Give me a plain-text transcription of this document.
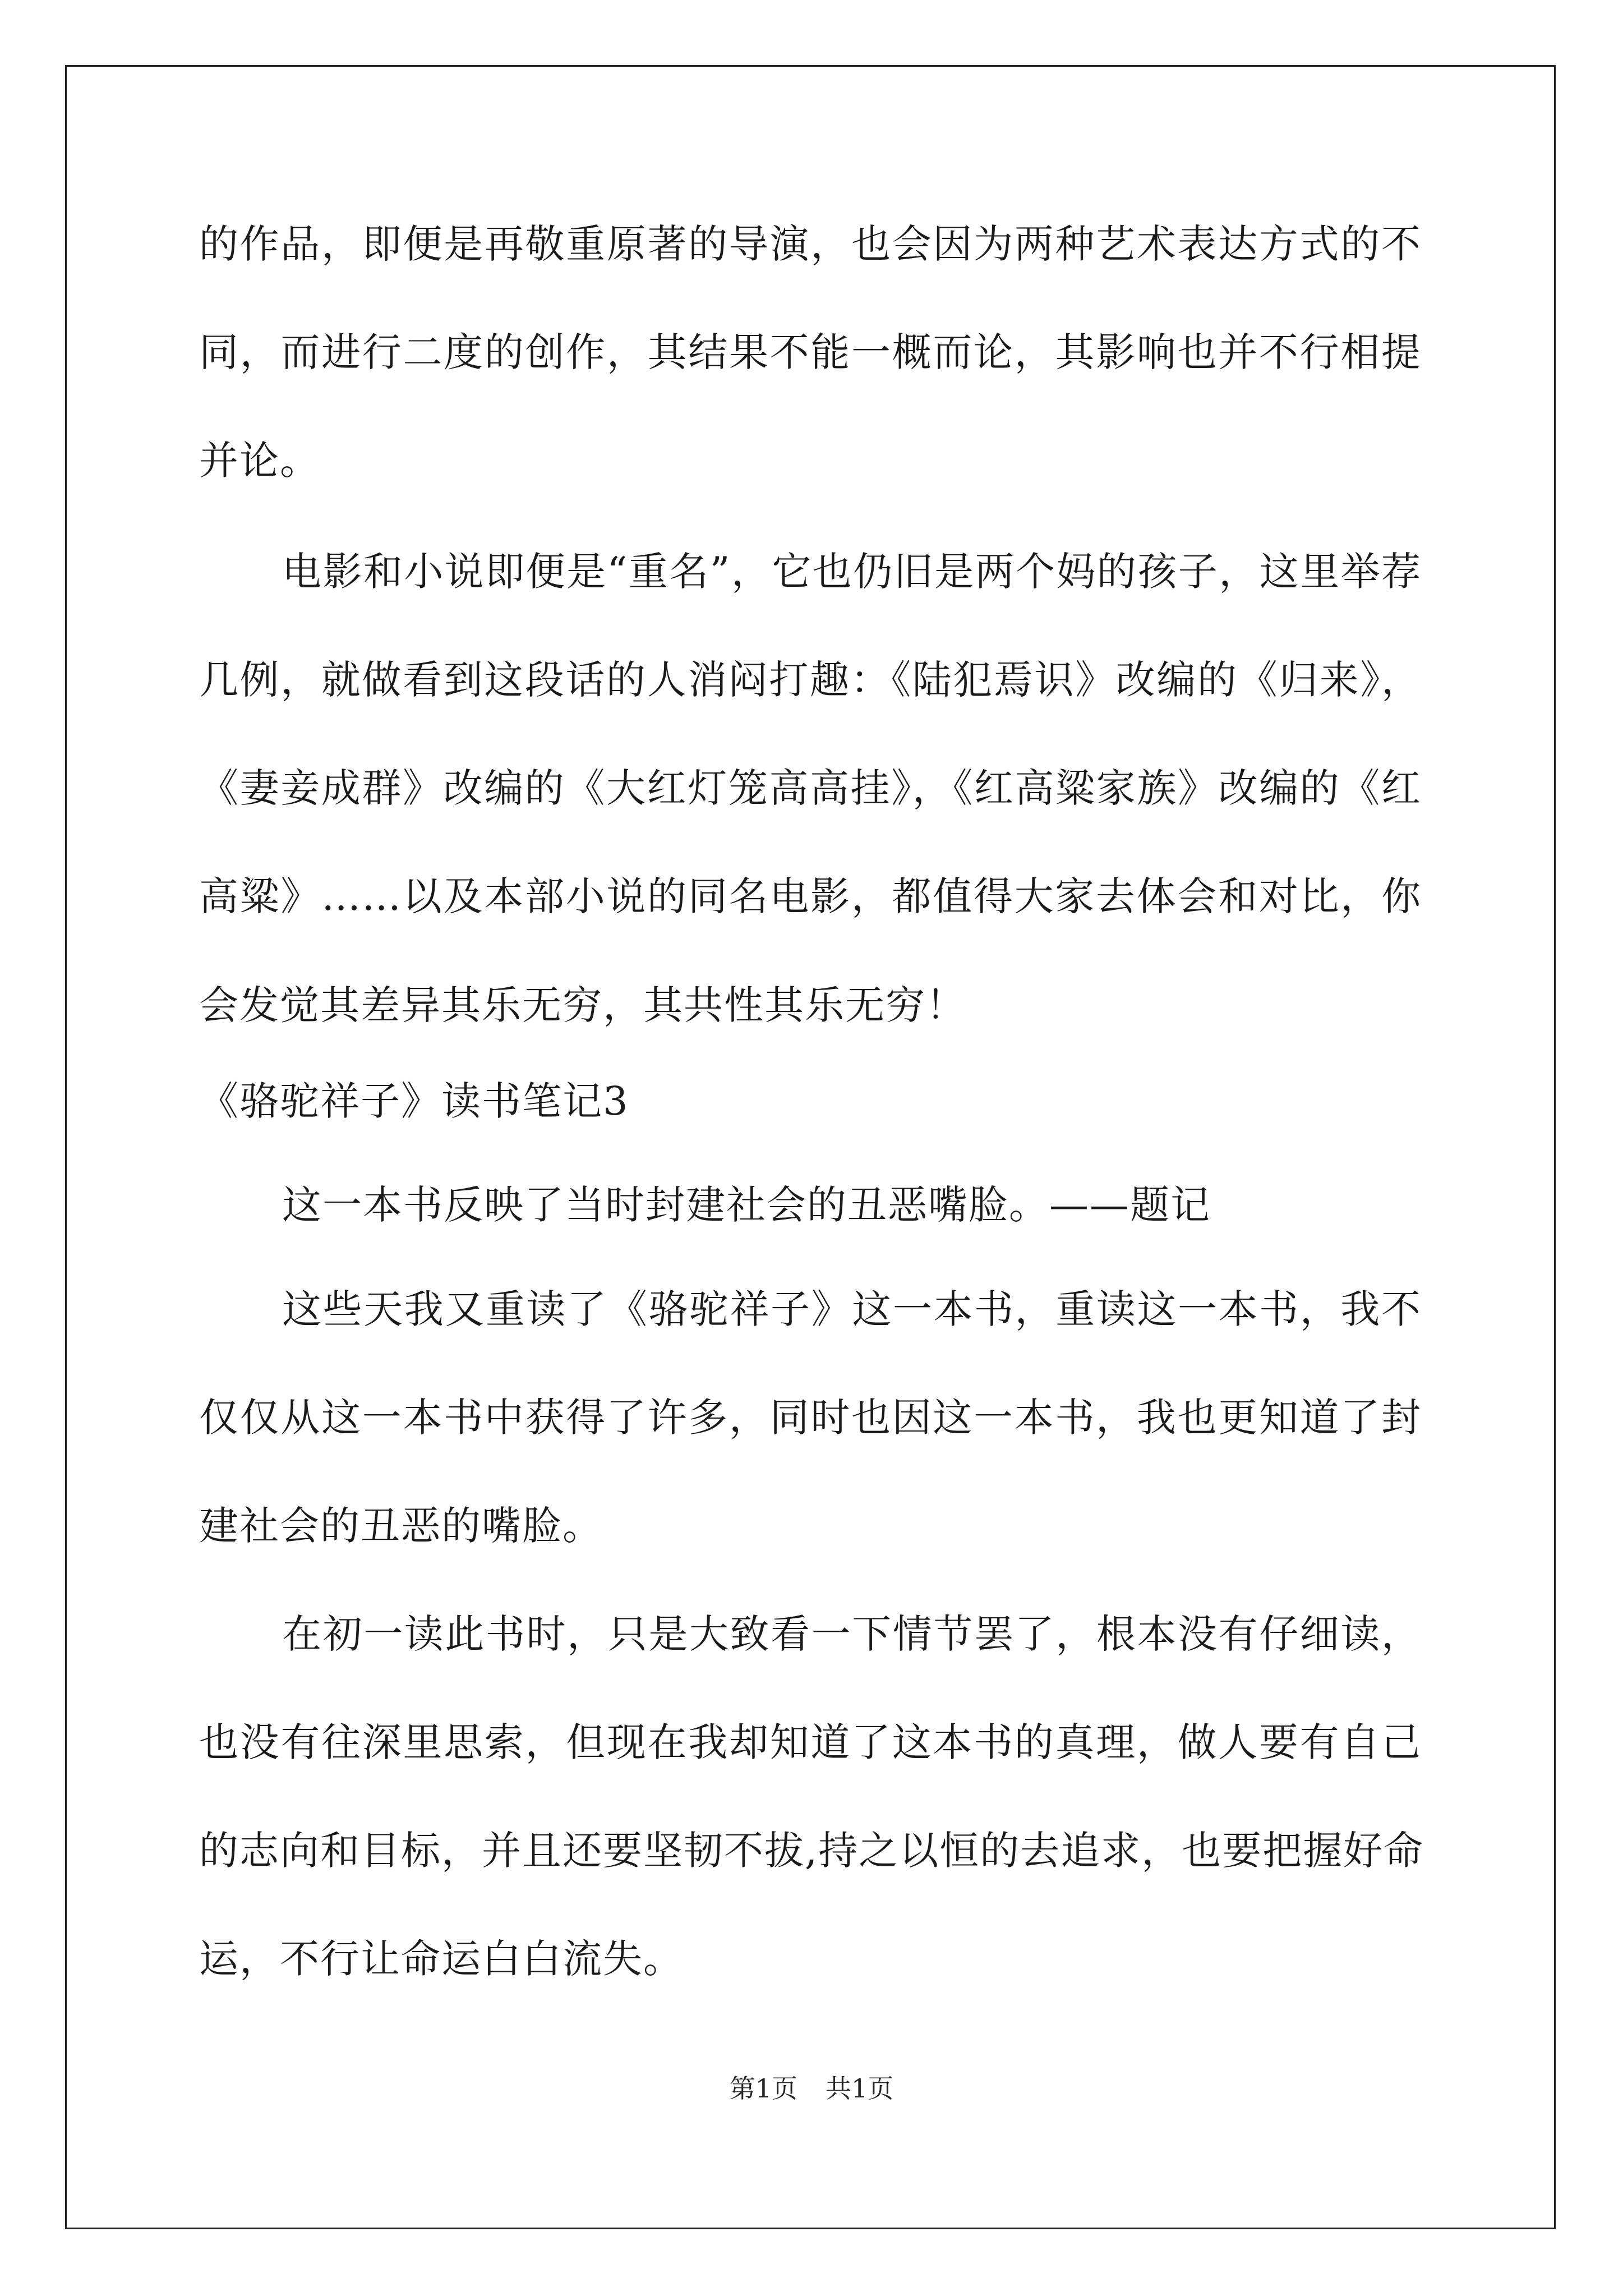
的作品，即便是再敬重原著的导演，也会因为两种艺术表达方式的不
同，而进行二度的创作，其结果不能一概而论，其影响也并不行相提
并论。
电影和小说即便是“重名”，它也仍旧是两个妈的孩子，这里举荐
几例，就做看到这段话的人消闷打趣：《陆犯焉识》改编的《归来》，
《妻妾成群》改编的《大红灯笼高高挂》，《红高粱家族》改编的《红
高粱》……以及本部小说的同名电影，都值得大家去体会和对比，你
会发觉其差异其乐无穷，其共性其乐无穷！
《骆驼祥子》读书笔记3
这一本书反映了当时封建社会的丑恶嘴脸。——题记
这些天我又重读了《骆驼祥子》这一本书，重读这一本书，我不
仅仅从这一本书中获得了许多，同时也因这一本书，我也更知道了封
建社会的丑恶的嘴脸。
在初一读此书时，只是大致看一下情节罢了，根本没有仔细读，
也没有往深里思索，但现在我却知道了这本书的真理，做人要有自己
的志向和目标，并且还要坚韧不拔,持之以恒的去追求，也要把握好命
运，不行让命运白白流失。
第1页 共1页
